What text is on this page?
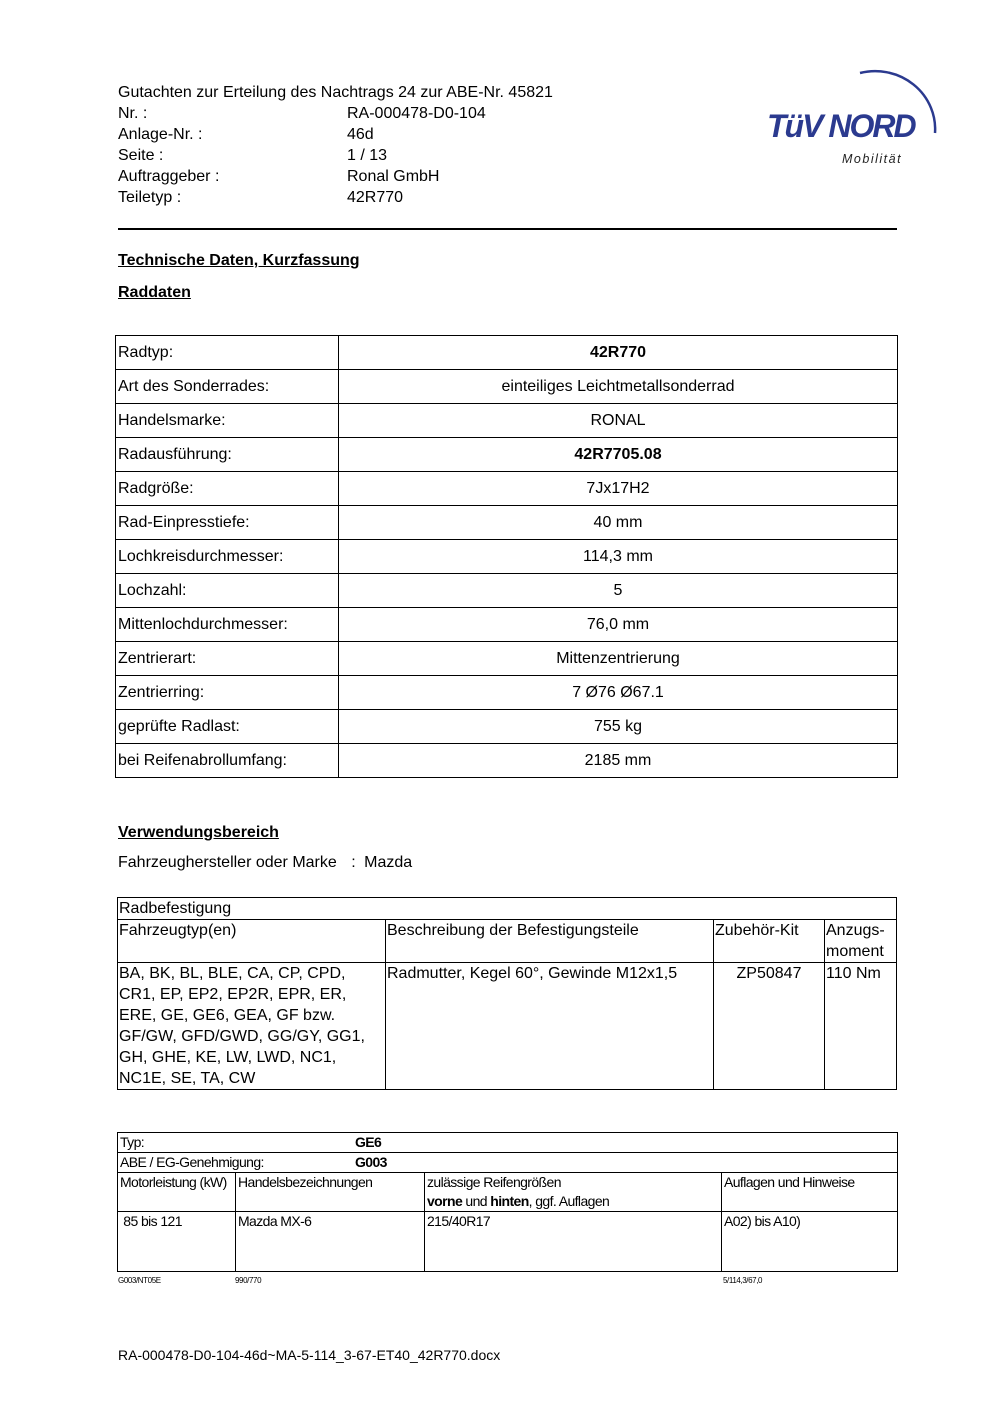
Gutachten zur Erteilung des Nachtrags 24 zur ABE-Nr. 45821
Nr. :	RA-000478-D0-104
Anlage-Nr. :	46d
Seite :	1 / 13
Auftraggeber :	Ronal GmbH
Teiletyp :	42R770
TüV NORD
Mobilität
Technische Daten, Kurzfassung
Raddaten
Radtyp:	42R770
Art des Sonderrades:	einteiliges Leichtmetallsonderrad
Handelsmarke:	RONAL
Radausführung:	42R7705.08
Radgröße:	7Jx17H2
Rad-Einpresstiefe:	40 mm
Lochkreisdurchmesser:	114,3 mm
Lochzahl:	5
Mittenlochdurchmesser:	76,0 mm
Zentrierart:	Mittenzentrierung
Zentrierring:	7 Ø76 Ø67.1
geprüfte Radlast:	755 kg
bei Reifenabrollumfang:	2185 mm
Verwendungsbereich
Fahrzeughersteller oder Marke : Mazda
Radbefestigung			
Fahrzeugtyp(en)	Beschreibung der Befestigungsteile	Zubehör-Kit	Anzugs-
moment
BA, BK, BL, BLE, CA, CP, CPD, CR1, EP, EP2, EP2R, EPR, ER, ERE, GE, GE6, GEA, GF bzw. GF/GW, GFD/GWD, GG/GY, GG1, GH, GHE, KE, LW, LWD, NC1, NC1E, SE, TA, CW	Radmutter, Kegel 60°, Gewinde M12x1,5	ZP50847	110 Nm
Typ: GE6			
ABE / EG-Genehmigung: G003			
Motorleistung (kW)	Handelsbezeichnungen	zulässige Reifengrößen
vorne und hinten, ggf. Auflagen	Auflagen und Hinweise
85 bis 121	Mazda MX-6	215/40R17	A02) bis A10)
G003/NT05E	990/770	5/114,3/67,0
RA-000478-D0-104-46d~MA-5-114_3-67-ET40_42R770.docx
